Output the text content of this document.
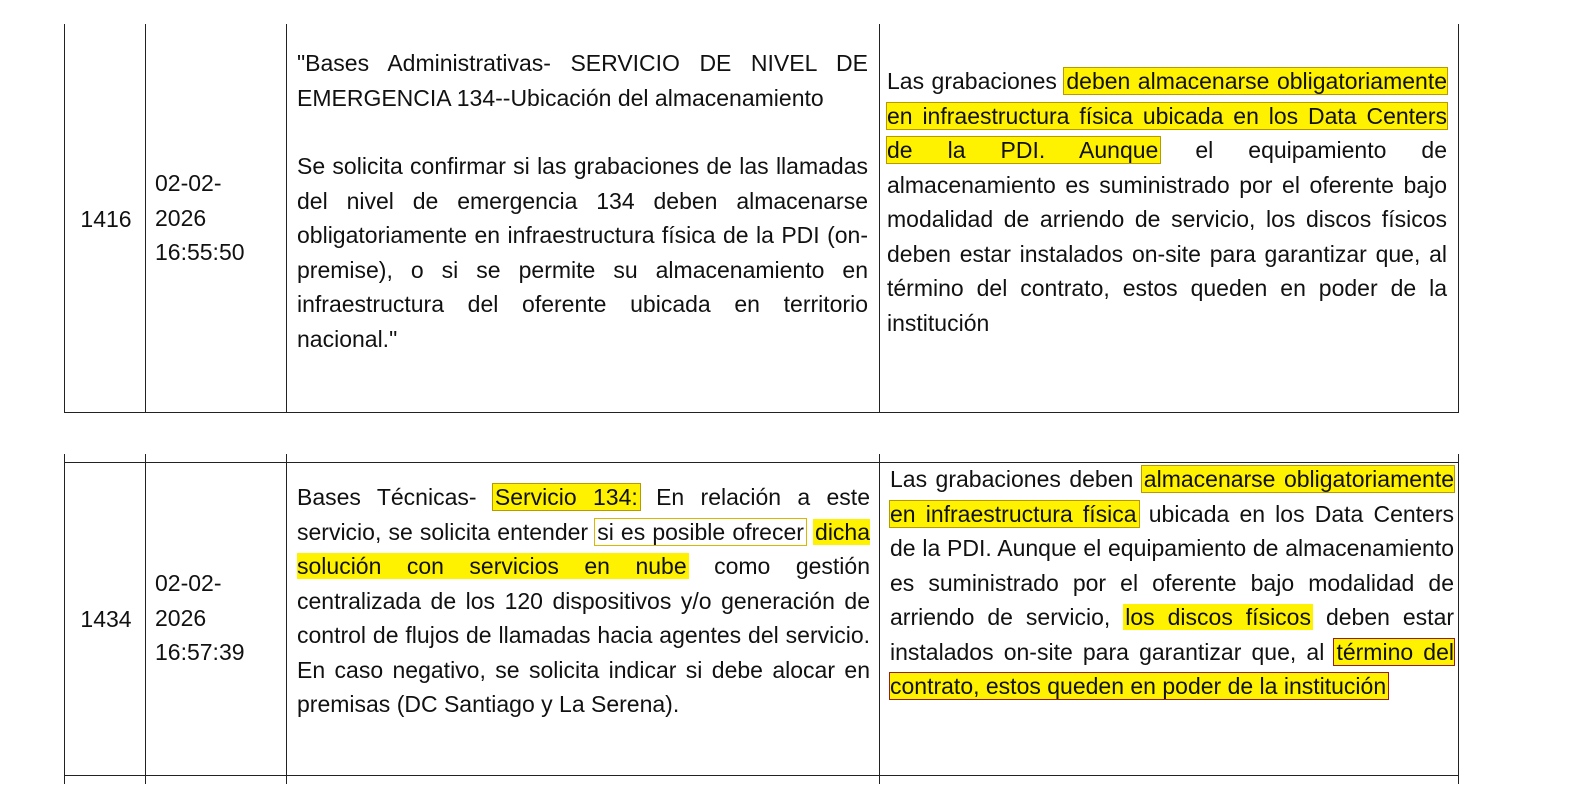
1416
02-02-
2026
16:55:50
"Bases Administrativas- SERVICIO DE NIVEL DE EMERGENCIA 134--Ubicación del almacenamiento
Se solicita confirmar si las grabaciones de las llamadas del nivel de emergencia 134 deben almacenarse obligatoriamente en infraestructura física de la PDI (on-premise), o si se permite su almacenamiento en infraestructura del oferente ubicada en territorio nacional."
Las grabaciones deben almacenarse obligatoriamente en infraestructura física ubicada en los Data Centers de la PDI. Aunque el equipamiento de almacenamiento es suministrado por el oferente bajo modalidad de arriendo de servicio, los discos físicos deben estar instalados on-site para garantizar que, al término del contrato, estos queden en poder de la institución
1434
02-02-
2026
16:57:39
Bases Técnicas- Servicio 134: En relación a este servicio, se solicita entender si es posible ofrecer dicha solución con servicios en nube como gestión centralizada de los 120 dispositivos y/o generación de control de flujos de llamadas hacia agentes del servicio. En caso negativo, se solicita indicar si debe alocar en premisas (DC Santiago y La Serena).
Las grabaciones deben almacenarse obligatoriamente en infraestructura física ubicada en los Data Centers de la PDI. Aunque el equipamiento de almacenamiento es suministrado por el oferente bajo modalidad de arriendo de servicio, los discos físicos deben estar instalados on-site para garantizar que, al término del contrato, estos queden en poder de la institución
